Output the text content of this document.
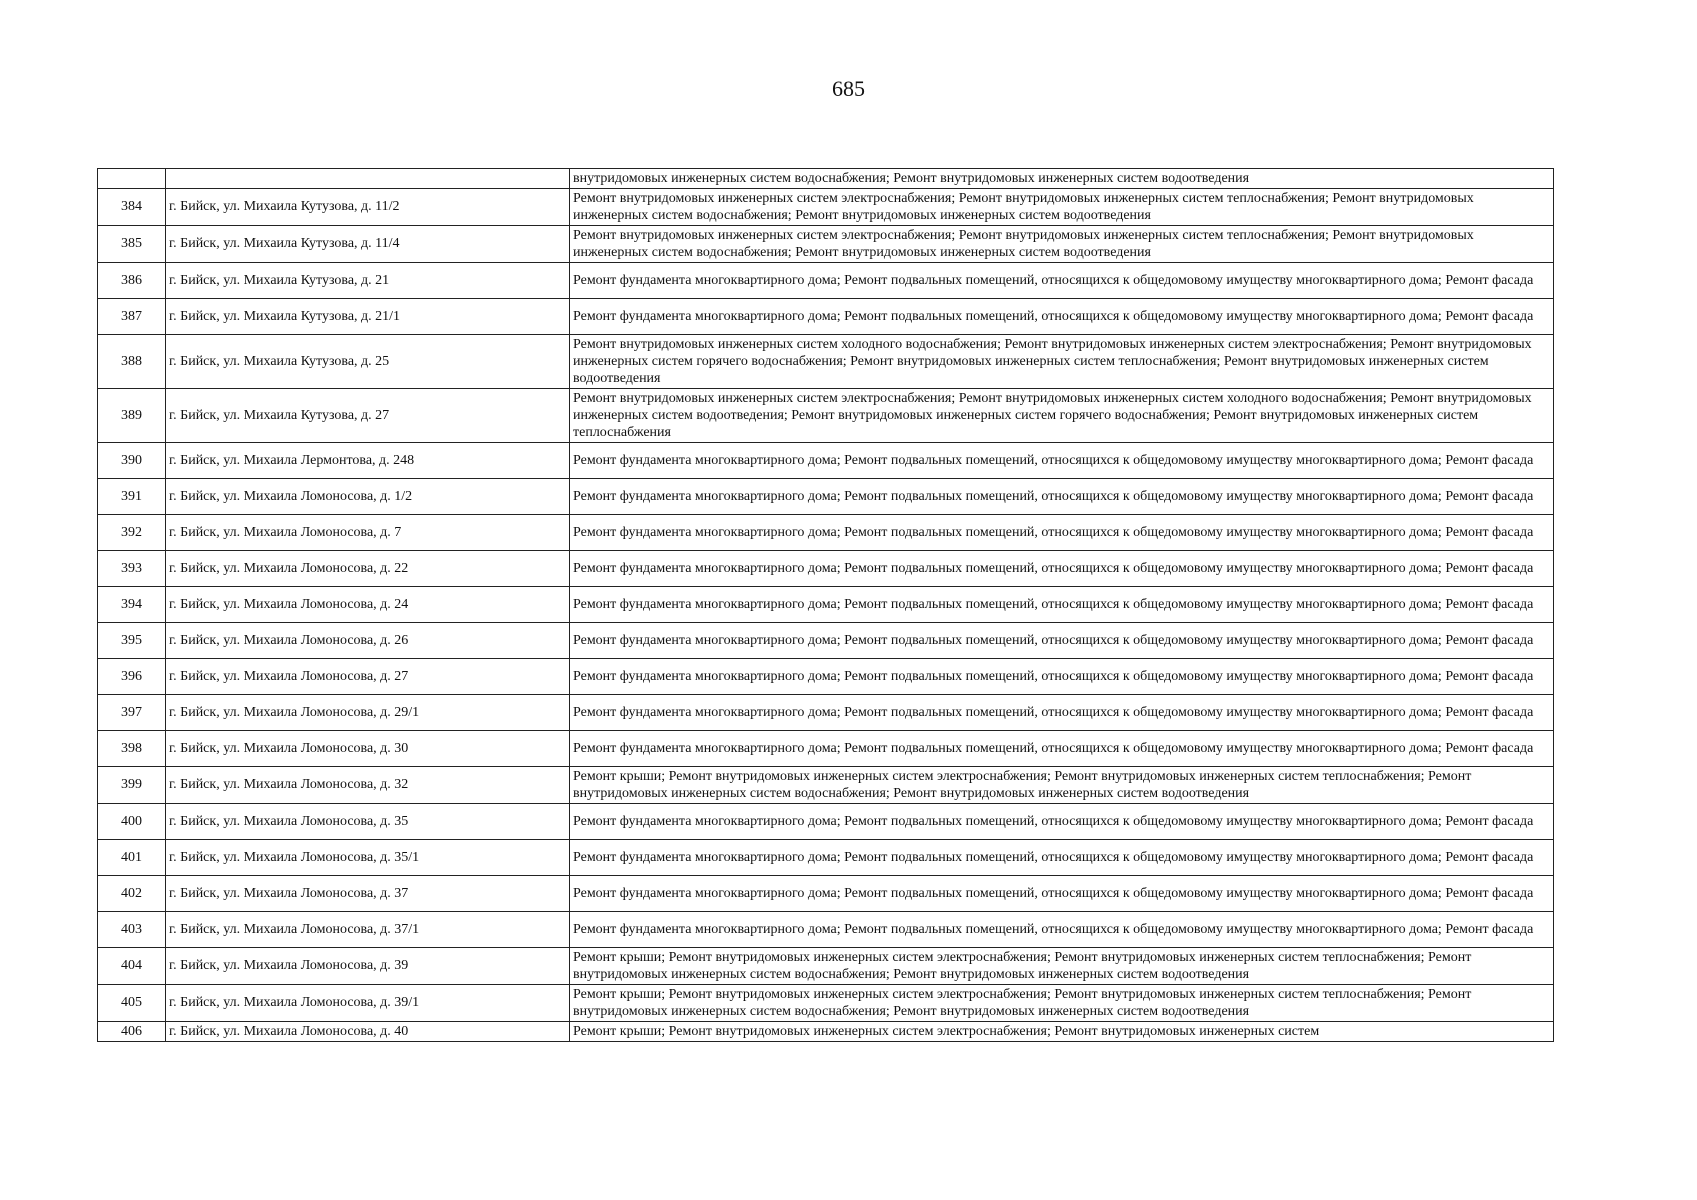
685
		внутридомовых инженерных систем водоснабжения; Ремонт внутридомовых инженерных систем водоотведения
384	г. Бийск, ул. Михаила Кутузова, д. 11/2	Ремонт внутридомовых инженерных систем электроснабжения; Ремонт внутридомовых инженерных систем теплоснабжения; Ремонт внутридомовых инженерных систем водоснабжения; Ремонт внутридомовых инженерных систем водоотведения
385	г. Бийск, ул. Михаила Кутузова, д. 11/4	Ремонт внутридомовых инженерных систем электроснабжения; Ремонт внутридомовых инженерных систем теплоснабжения; Ремонт внутридомовых инженерных систем водоснабжения; Ремонт внутридомовых инженерных систем водоотведения
386	г. Бийск, ул. Михаила Кутузова, д. 21	Ремонт фундамента многоквартирного дома; Ремонт подвальных помещений, относящихся к общедомовому имуществу многоквартирного дома; Ремонт фасада
387	г. Бийск, ул. Михаила Кутузова, д. 21/1	Ремонт фундамента многоквартирного дома; Ремонт подвальных помещений, относящихся к общедомовому имуществу многоквартирного дома; Ремонт фасада
388	г. Бийск, ул. Михаила Кутузова, д. 25	Ремонт внутридомовых инженерных систем холодного водоснабжения; Ремонт внутридомовых инженерных систем электроснабжения; Ремонт внутридомовых инженерных систем горячего водоснабжения; Ремонт внутридомовых инженерных систем теплоснабжения; Ремонт внутридомовых инженерных систем водоотведения
389	г. Бийск, ул. Михаила Кутузова, д. 27	Ремонт внутридомовых инженерных систем электроснабжения; Ремонт внутридомовых инженерных систем холодного водоснабжения; Ремонт внутридомовых инженерных систем водоотведения; Ремонт внутридомовых инженерных систем горячего водоснабжения; Ремонт внутридомовых инженерных систем теплоснабжения
390	г. Бийск, ул. Михаила Лермонтова, д. 248	Ремонт фундамента многоквартирного дома; Ремонт подвальных помещений, относящихся к общедомовому имуществу многоквартирного дома; Ремонт фасада
391	г. Бийск, ул. Михаила Ломоносова, д. 1/2	Ремонт фундамента многоквартирного дома; Ремонт подвальных помещений, относящихся к общедомовому имуществу многоквартирного дома; Ремонт фасада
392	г. Бийск, ул. Михаила Ломоносова, д. 7	Ремонт фундамента многоквартирного дома; Ремонт подвальных помещений, относящихся к общедомовому имуществу многоквартирного дома; Ремонт фасада
393	г. Бийск, ул. Михаила Ломоносова, д. 22	Ремонт фундамента многоквартирного дома; Ремонт подвальных помещений, относящихся к общедомовому имуществу многоквартирного дома; Ремонт фасада
394	г. Бийск, ул. Михаила Ломоносова, д. 24	Ремонт фундамента многоквартирного дома; Ремонт подвальных помещений, относящихся к общедомовому имуществу многоквартирного дома; Ремонт фасада
395	г. Бийск, ул. Михаила Ломоносова, д. 26	Ремонт фундамента многоквартирного дома; Ремонт подвальных помещений, относящихся к общедомовому имуществу многоквартирного дома; Ремонт фасада
396	г. Бийск, ул. Михаила Ломоносова, д. 27	Ремонт фундамента многоквартирного дома; Ремонт подвальных помещений, относящихся к общедомовому имуществу многоквартирного дома; Ремонт фасада
397	г. Бийск, ул. Михаила Ломоносова, д. 29/1	Ремонт фундамента многоквартирного дома; Ремонт подвальных помещений, относящихся к общедомовому имуществу многоквартирного дома; Ремонт фасада
398	г. Бийск, ул. Михаила Ломоносова, д. 30	Ремонт фундамента многоквартирного дома; Ремонт подвальных помещений, относящихся к общедомовому имуществу многоквартирного дома; Ремонт фасада
399	г. Бийск, ул. Михаила Ломоносова, д. 32	Ремонт крыши; Ремонт внутридомовых инженерных систем электроснабжения; Ремонт внутридомовых инженерных систем теплоснабжения; Ремонт внутридомовых инженерных систем водоснабжения; Ремонт внутридомовых инженерных систем водоотведения
400	г. Бийск, ул. Михаила Ломоносова, д. 35	Ремонт фундамента многоквартирного дома; Ремонт подвальных помещений, относящихся к общедомовому имуществу многоквартирного дома; Ремонт фасада
401	г. Бийск, ул. Михаила Ломоносова, д. 35/1	Ремонт фундамента многоквартирного дома; Ремонт подвальных помещений, относящихся к общедомовому имуществу многоквартирного дома; Ремонт фасада
402	г. Бийск, ул. Михаила Ломоносова, д. 37	Ремонт фундамента многоквартирного дома; Ремонт подвальных помещений, относящихся к общедомовому имуществу многоквартирного дома; Ремонт фасада
403	г. Бийск, ул. Михаила Ломоносова, д. 37/1	Ремонт фундамента многоквартирного дома; Ремонт подвальных помещений, относящихся к общедомовому имуществу многоквартирного дома; Ремонт фасада
404	г. Бийск, ул. Михаила Ломоносова, д. 39	Ремонт крыши; Ремонт внутридомовых инженерных систем электроснабжения; Ремонт внутридомовых инженерных систем теплоснабжения; Ремонт внутридомовых инженерных систем водоснабжения; Ремонт внутридомовых инженерных систем водоотведения
405	г. Бийск, ул. Михаила Ломоносова, д. 39/1	Ремонт крыши; Ремонт внутридомовых инженерных систем электроснабжения; Ремонт внутридомовых инженерных систем теплоснабжения; Ремонт внутридомовых инженерных систем водоснабжения; Ремонт внутридомовых инженерных систем водоотведения
406	г. Бийск, ул. Михаила Ломоносова, д. 40	Ремонт крыши; Ремонт внутридомовых инженерных систем электроснабжения; Ремонт внутридомовых инженерных систем
